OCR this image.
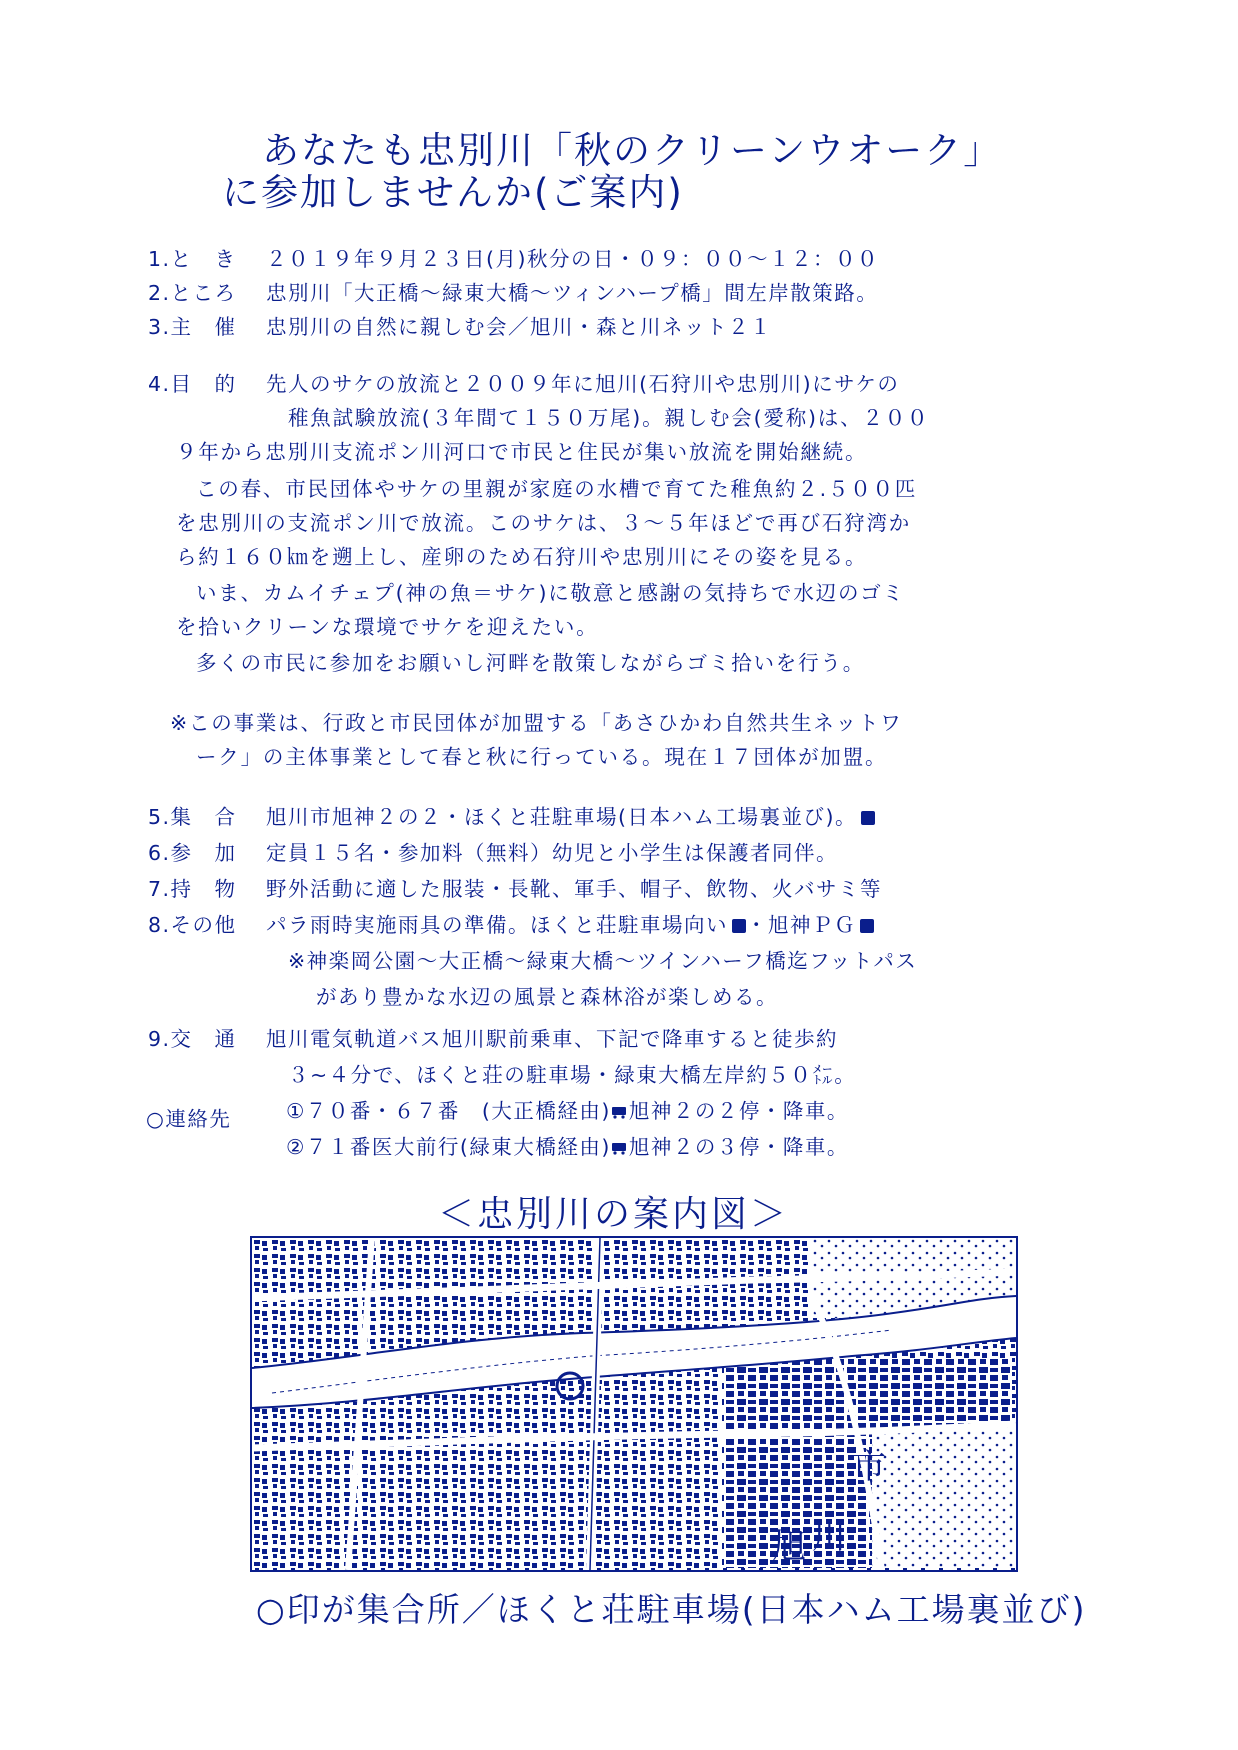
あなたも忠別川「秋のクリーンウオーク」
に参加しませんか(ご案内)
1.と　き ２０１９年９月２３日(月)秋分の日・０９：００～１２：００
2.ところ 忠別川「大正橋～緑東大橋～ツィンハープ橋」間左岸散策路。
3.主　催 忠別川の自然に親しむ会／旭川・森と川ネット２１
4.目　的 先人のサケの放流と２００９年に旭川(石狩川や忠別川)にサケの
稚魚試験放流(３年間て１５０万尾)。親しむ会(愛称)は、２００
９年から忠別川支流ポン川河口で市民と住民が集い放流を開始継続。
この春、市民団体やサケの里親が家庭の水槽で育てた稚魚約２.５００匹
を忠別川の支流ポン川で放流。このサケは、３～５年ほどで再び石狩湾か
ら約１６０㎞を遡上し、産卵のため石狩川や忠別川にその姿を見る。
いま、カムイチェプ(神の魚＝サケ)に敬意と感謝の気持ちで水辺のゴミ
を拾いクリーンな環境でサケを迎えたい。
多くの市民に参加をお願いし河畔を散策しながらゴミ拾いを行う。
※この事業は、行政と市民団体が加盟する「あさひかわ自然共生ネットワ
ーク」の主体事業として春と秋に行っている。現在１７団体が加盟。
5.集　合 旭川市旭神２の２・ほくと荘駐車場(日本ハム工場裏並び)。
6.参　加 定員１５名・参加料（無料）幼児と小学生は保護者同伴。
7.持　物 野外活動に適した服装・長靴、軍手、帽子、飲物、火バサミ等
8.その他 パラ雨時実施雨具の準備。ほくと荘駐車場向い ・旭神ＰＧ
※神楽岡公園～大正橋～緑東大橋～ツインハーフ橋迄フットパス
があり豊かな水辺の風景と森林浴が楽しめる。
9.交　通 旭川電気軌道バス旭川駅前乗車、下記で降車すると徒歩約
３~４分で、ほくと荘の駐車場・緑東大橋左岸約５０㍍。
①７０番・６７番　(大正橋経由) 旭神２の２停・降車。
②７１番医大前行(緑東大橋経由) 旭神２の３停・降車。
○連絡先
＜忠別川の案内図＞
市
旭 川
○印が集合所／ほくと荘駐車場(日本ハム工場裏並び)
